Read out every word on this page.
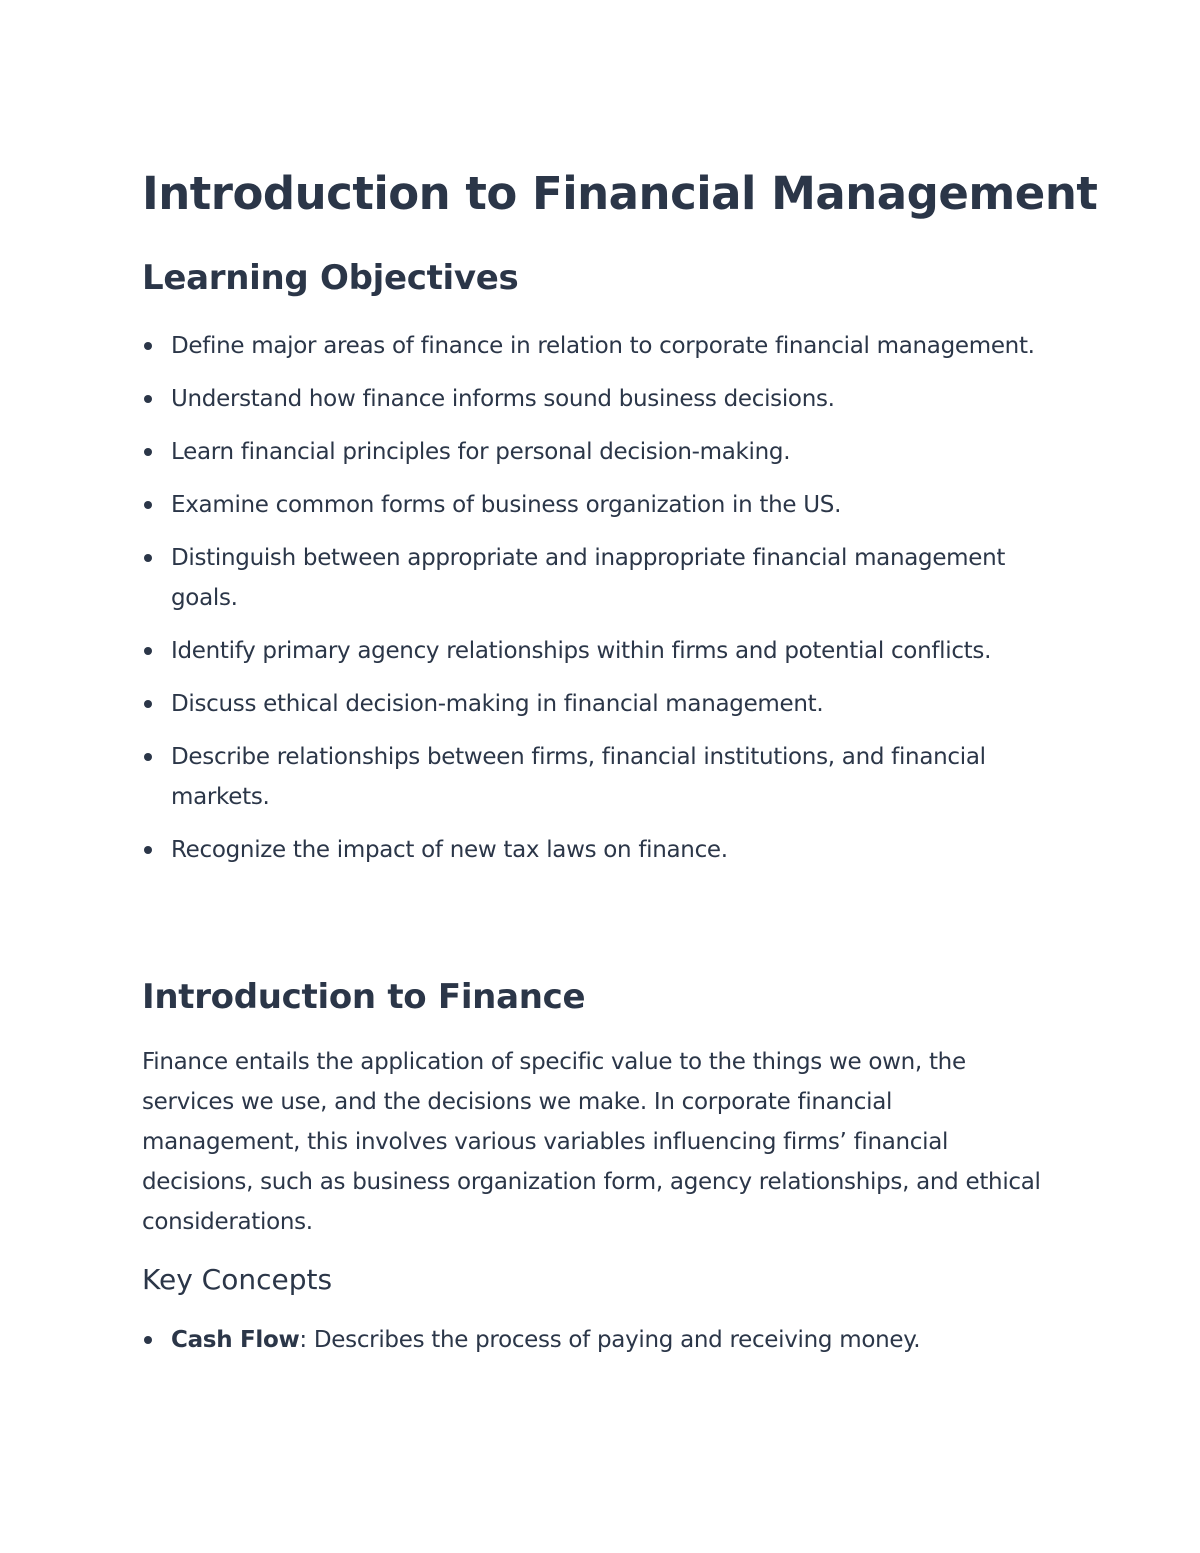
Introduction to Financial Management
Learning Objectives
Define major areas of finance in relation to corporate financial management.
Understand how finance informs sound business decisions.
Learn financial principles for personal decision-making.
Examine common forms of business organization in the US.
Distinguish between appropriate and inappropriate financial management goals.
Identify primary agency relationships within firms and potential conflicts.
Discuss ethical decision-making in financial management.
Describe relationships between firms, financial institutions, and financial markets.
Recognize the impact of new tax laws on finance.
Introduction to Finance

Finance entails the application of specific value to the things we own, the services we use, and the decisions we make. In corporate financial management, this involves various variables influencing firms’ financial decisions, such as business organization form, agency relationships, and ethical considerations.

Key Concepts
Cash Flow: Describes the process of paying and receiving money.
